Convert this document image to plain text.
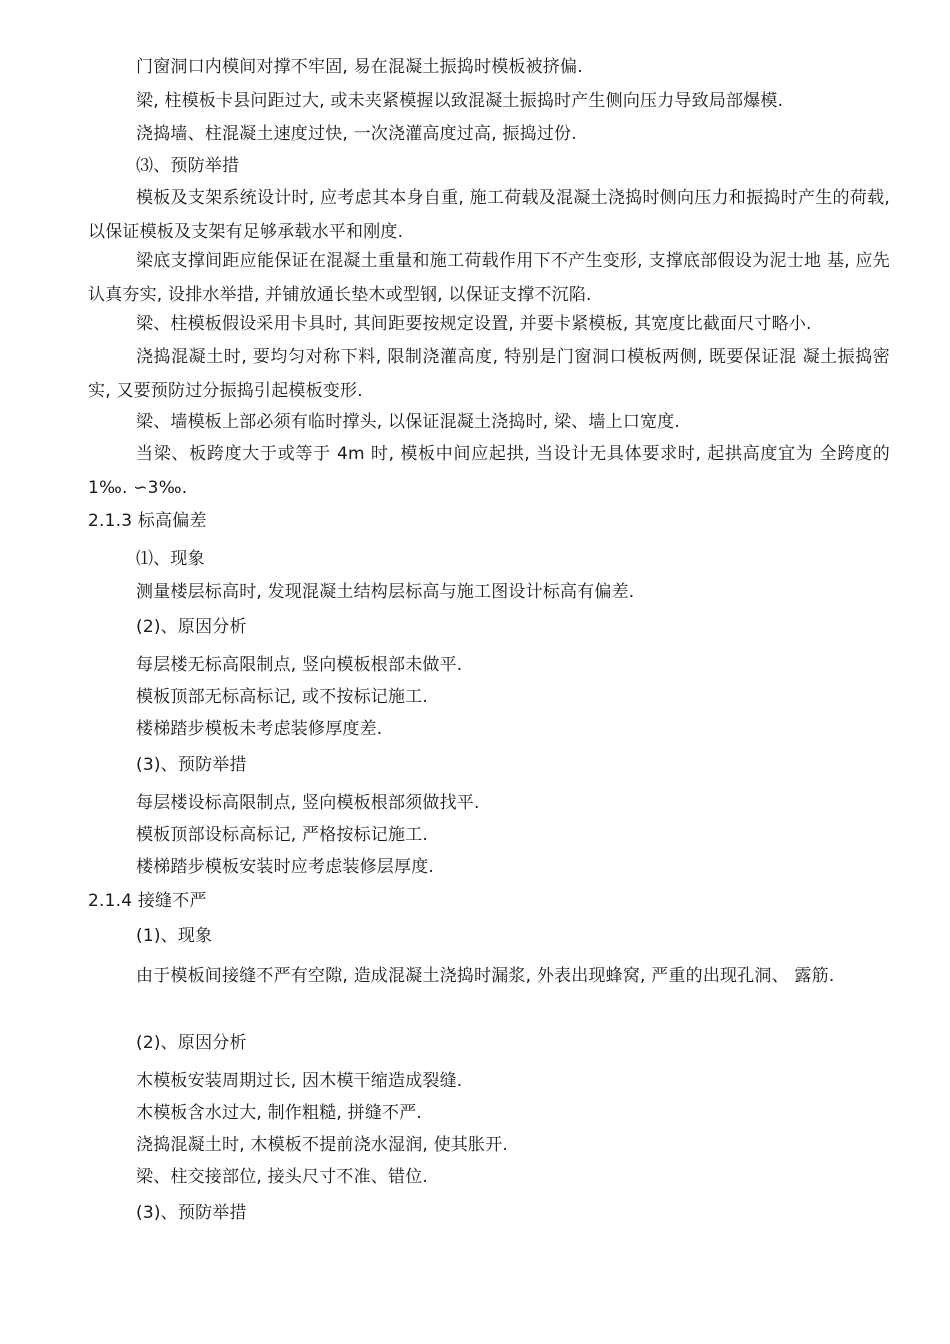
门窗洞口内模间对撑不牢固, 易在混凝土振捣时模板被挤偏.
梁, 柱模板卡县问距过大, 或未夹紧模握以致混凝土振捣时产生侧向压力导致局部爆模.
浇捣墙、柱混凝土速度过快, 一次浇灌高度过高, 振捣过份.
⑶、预防举措
模板及支架系统设计时, 应考虑其本身自重, 施工荷载及混凝土浇捣时侧向压力和振捣时产生的荷载, 以保证模板及支架有足够承载水平和刚度.
梁底支撑间距应能保证在混凝土重量和施工荷载作用下不产生变形, 支撑底部假设为泥士地 基, 应先认真夯实, 设排水举措, 并铺放通长垫木或型钢, 以保证支撑不沉陷.
梁、柱模板假设采用卡具时, 其间距要按规定设置, 并要卡紧模板, 其宽度比截面尺寸略小.
浇捣混凝土时, 要均匀对称下料, 限制浇灌高度, 特别是门窗洞口模板两侧, 既要保证混 凝土振捣密实, 又要预防过分振捣引起模板变形.
梁、墙模板上部必须有临时撑头, 以保证混凝土浇捣时, 梁、墙上口宽度.
当梁、板跨度大于或等于 4m 时, 模板中间应起拱, 当设计无具体要求时, 起拱高度宜为 全跨度的 1‰. ∽3‰.
2.1.3 标高偏差
⑴、现象
测量楼层标高时, 发现混凝土结构层标高与施工图设计标高有偏差.
(2)、原因分析
每层楼无标高限制点, 竖向模板根部未做平.
模板顶部无标高标记, 或不按标记施工.
楼梯踏步模板未考虑装修厚度差.
(3)、预防举措
每层楼设标高限制点, 竖向模板根部须做找平.
模板顶部设标高标记, 严格按标记施工.
楼梯踏步模板安装时应考虑装修层厚度.
2.1.4 接缝不严
(1)、现象
由于模板间接缝不严有空隙, 造成混凝土浇捣时漏浆, 外表出现蜂窝, 严重的出现孔洞、 露筋.
(2)、原因分析
木模板安装周期过长, 因木模干缩造成裂缝.
木模板含水过大, 制作粗糙, 拼缝不严.
浇捣混凝土时, 木模板不提前浇水湿润, 使其胀开.
梁、柱交接部位, 接头尺寸不准、错位.
(3)、预防举措
